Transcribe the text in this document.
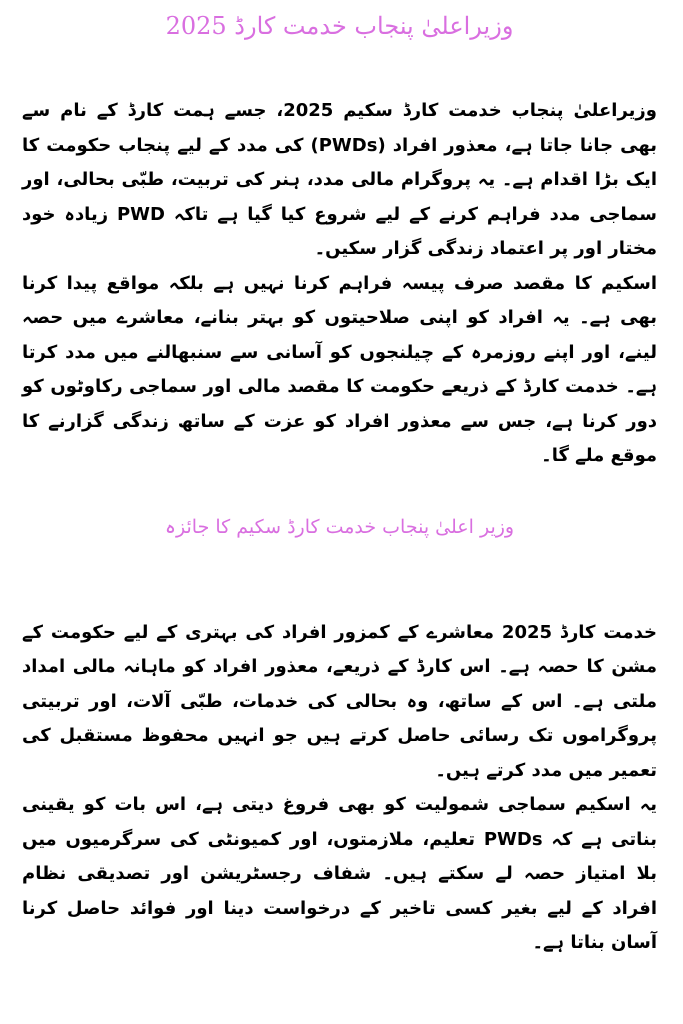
وزیراعلیٰ پنجاب خدمت کارڈ 2025

وزیراعلیٰ پنجاب خدمت کارڈ سکیم 2025، جسے ہمت کارڈ کے نام سے بھی جانا جاتا ہے، معذور افراد (PWDs) کی مدد کے لیے پنجاب حکومت کا ایک بڑا اقدام ہے۔ یہ پروگرام مالی مدد، ہنر کی تربیت، طبّی بحالی، اور سماجی مدد فراہم کرنے کے لیے شروع کیا گیا ہے تاکہ PWD زیادہ خود مختار اور پر اعتماد زندگی گزار سکیں۔

اسکیم کا مقصد صرف پیسہ فراہم کرنا نہیں ہے بلکہ مواقع پیدا کرنا بھی ہے۔ یہ افراد کو اپنی صلاحیتوں کو بہتر بنانے، معاشرے میں حصہ لینے، اور اپنے روزمرہ کے چیلنجوں کو آسانی سے سنبھالنے میں مدد کرتا ہے۔ خدمت کارڈ کے ذریعے حکومت کا مقصد مالی اور سماجی رکاوٹوں کو دور کرنا ہے، جس سے معذور افراد کو عزت کے ساتھ زندگی گزارنے کا موقع ملے گا۔

وزیر اعلیٰ پنجاب خدمت کارڈ سکیم کا جائزہ

خدمت کارڈ 2025 معاشرے کے کمزور افراد کی بہتری کے لیے حکومت کے مشن کا حصہ ہے۔ اس کارڈ کے ذریعے، معذور افراد کو ماہانہ مالی امداد ملتی ہے۔ اس کے ساتھ، وہ بحالی کی خدمات، طبّی آلات، اور تربیتی پروگراموں تک رسائی حاصل کرتے ہیں جو انہیں محفوظ مستقبل کی تعمیر میں مدد کرتے ہیں۔

یہ اسکیم سماجی شمولیت کو بھی فروغ دیتی ہے، اس بات کو یقینی بناتی ہے کہ PWDs تعلیم، ملازمتوں، اور کمیونٹی کی سرگرمیوں میں بلا امتیاز حصہ لے سکتے ہیں۔ شفاف رجسٹریشن اور تصدیقی نظام افراد کے لیے بغیر کسی تاخیر کے درخواست دینا اور فوائد حاصل کرنا آسان بناتا ہے۔
